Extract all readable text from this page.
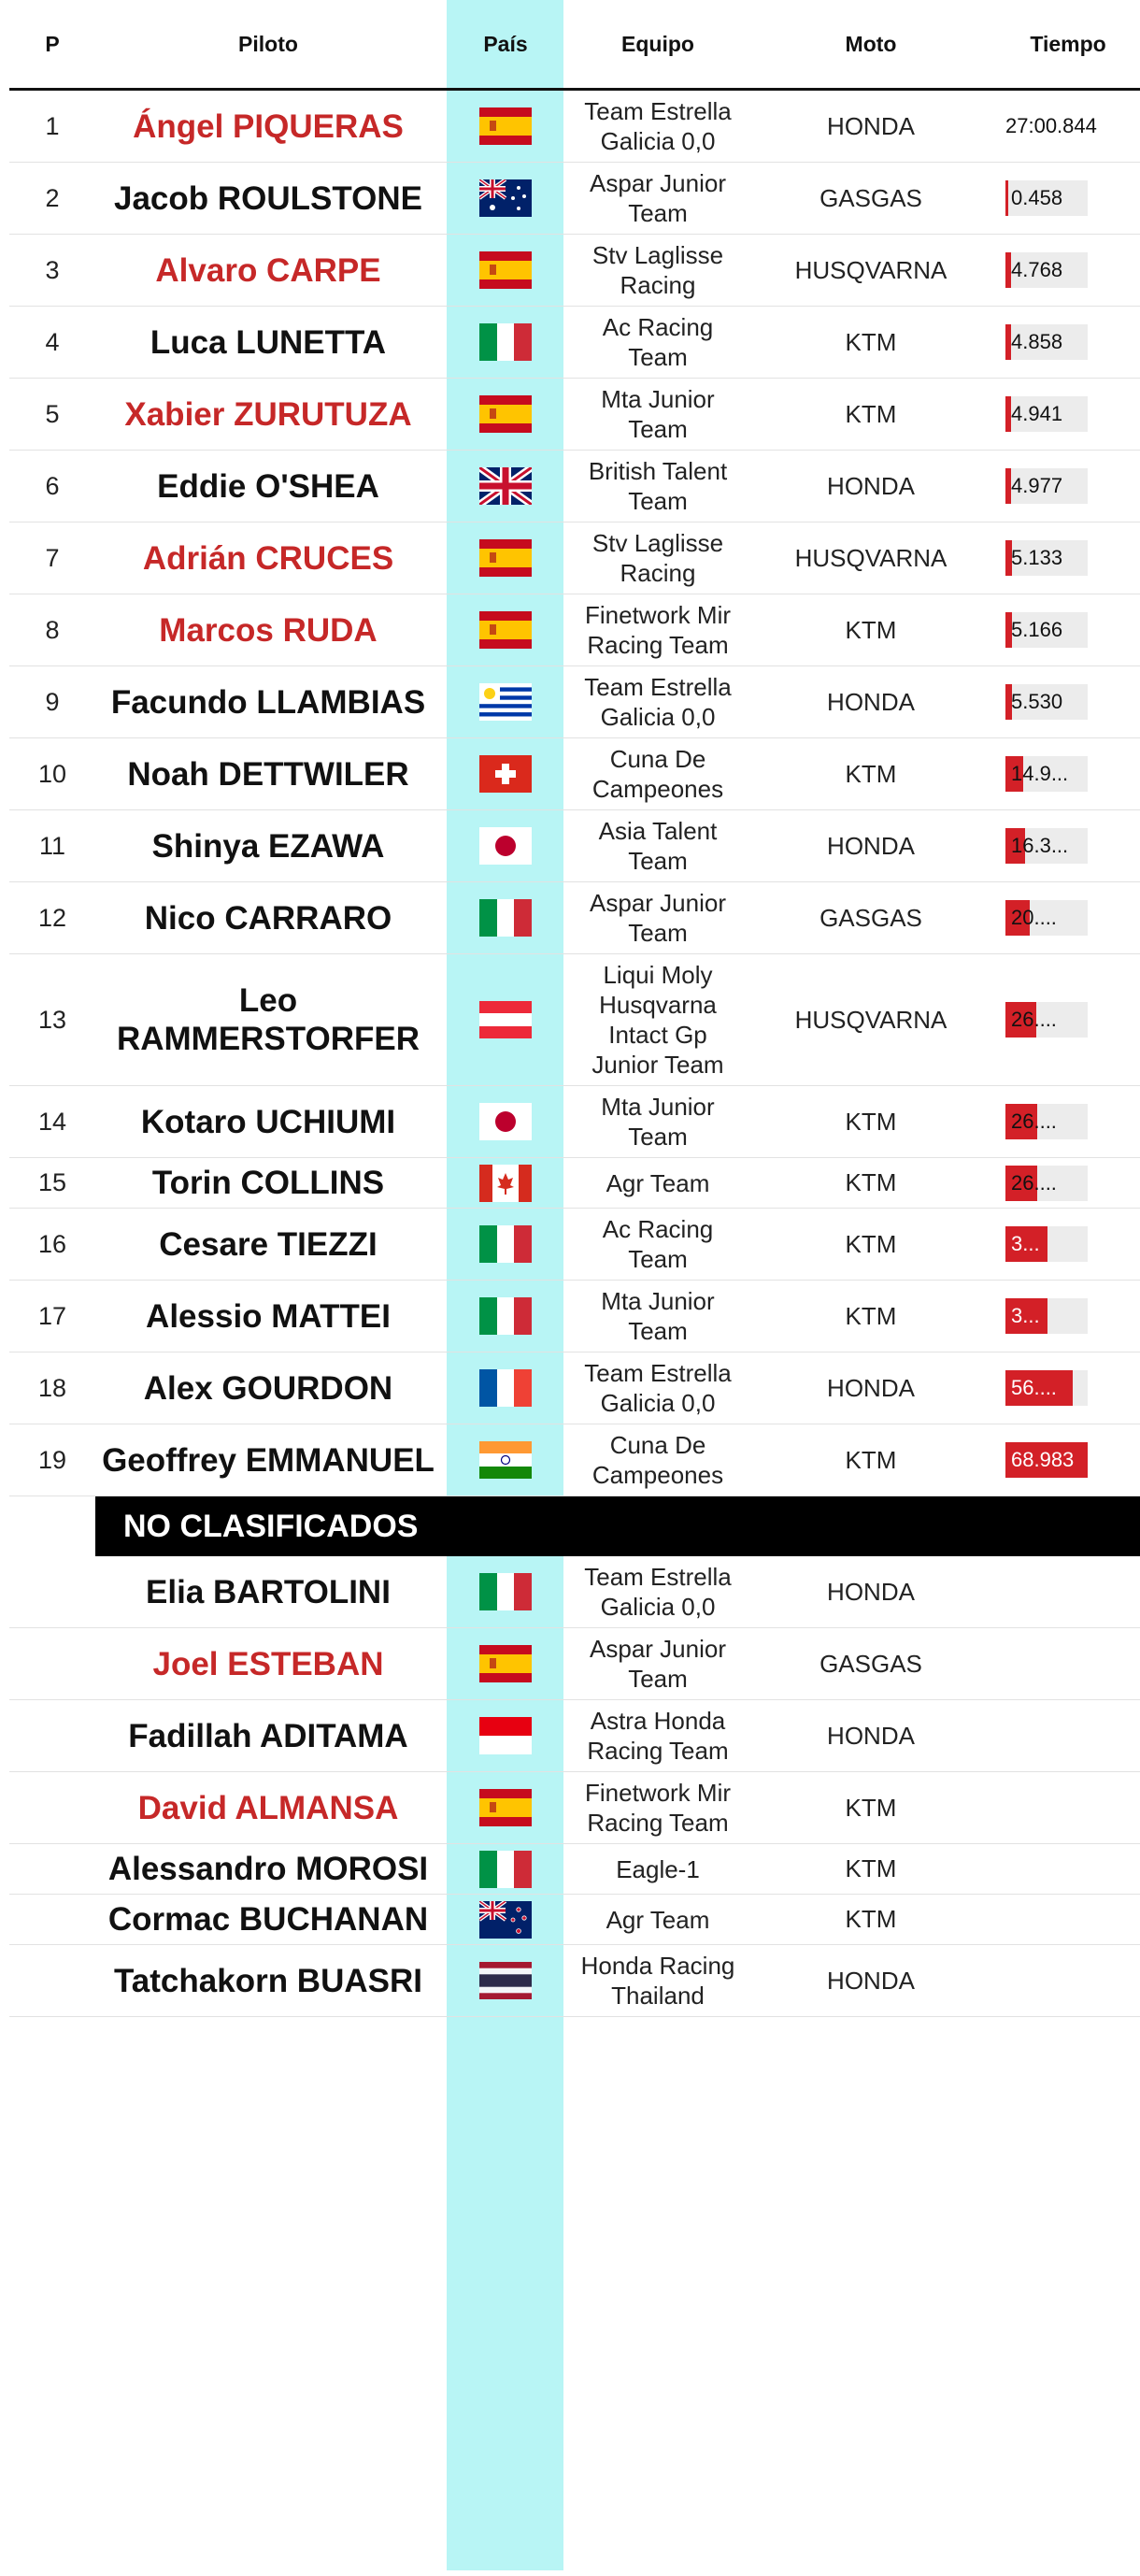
P	Piloto	País	Equipo	Moto	Tiempo
1	Ángel PIQUERAS		Team Estrella Galicia 0,0	HONDA	27:00.844
2	Jacob ROULSTONE		Aspar Junior Team	GASGAS	0.458

3	Alvaro CARPE		Stv Laglisse Racing	HUSQVARNA	4.768

4	Luca LUNETTA		Ac Racing Team	KTM	4.858

5	Xabier ZURUTUZA		Mta Junior Team	KTM	4.941

6	Eddie O'SHEA		British Talent Team	HONDA	4.977

7	Adrián CRUCES		Stv Laglisse Racing	HUSQVARNA	5.133

8	Marcos RUDA		Finetwork Mir Racing Team	KTM	5.166

9	Facundo LLAMBIAS		Team Estrella Galicia 0,0	HONDA	5.530

10	Noah DETTWILER		Cuna De Campeones	KTM	14.9...

11	Shinya EZAWA		Asia Talent Team	HONDA	16.3...

12	Nico CARRARO		Aspar Junior Team	GASGAS	20....

13	Leo RAMMERSTORFER		Liqui Moly Husqvarna Intact Gp Junior Team	HUSQVARNA	26....

14	Kotaro UCHIUMI		Mta Junior Team	KTM	26....

15	Torin COLLINS		Agr Team	KTM	26....

16	Cesare TIEZZI		Ac Racing Team	KTM	3...

17	Alessio MATTEI		Mta Junior Team	KTM	3...

18	Alex GOURDON		Team Estrella Galicia 0,0	HONDA	56....

19	Geoffrey EMMANUEL		Cuna De Campeones	KTM	68.983

NO CLASIFICADOS					

	Elia BARTOLINI		Team Estrella Galicia 0,0	HONDA	
	Joel ESTEBAN		Aspar Junior Team	GASGAS	
	Fadillah ADITAMA		Astra Honda Racing Team	HONDA	
	David ALMANSA		Finetwork Mir Racing Team	KTM	
	Alessandro MOROSI		Eagle-1	KTM	
	Cormac BUCHANAN		Agr Team	KTM	
	Tatchakorn BUASRI		Honda Racing Thailand	HONDA	
